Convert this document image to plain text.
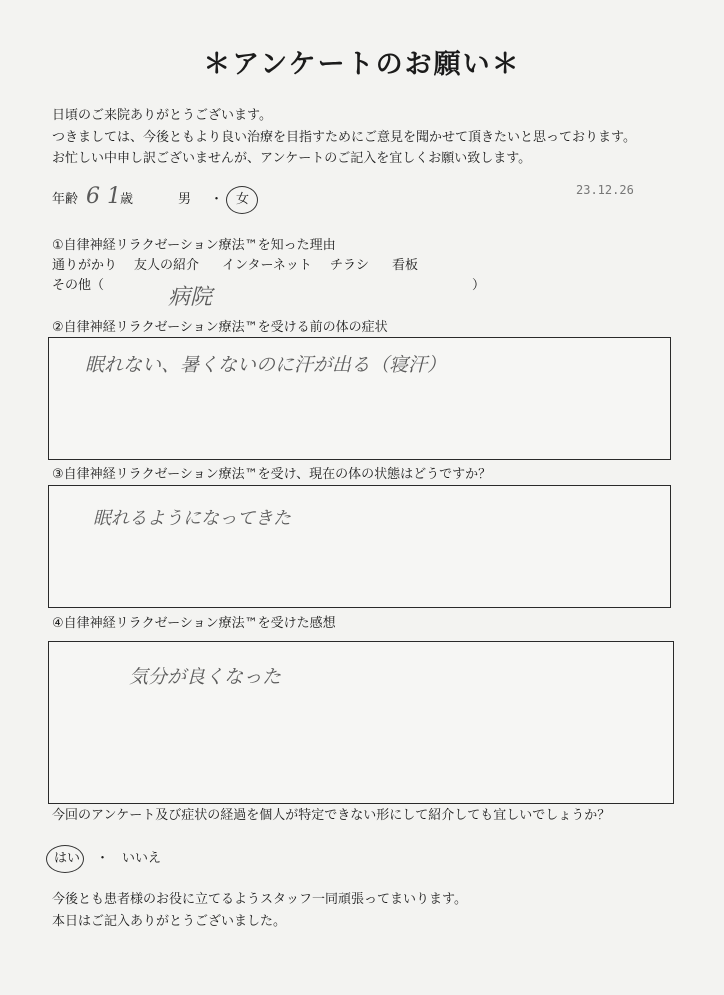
＊アンケートのお願い＊
日頃のご来院ありがとうございます。
つきましては、今後ともより良い治療を目指すためにご意見を聞かせて頂きたいと思っております。
お忙しい中申し訳ございませんが、アンケートのご記入を宜しくお願い致します。
23.12.26
年齢 6 1 歳	男 ・ 女
①自律神経リラクゼーション療法™を知った理由
通りがかり 友人の紹介 インターネット チラシ 看板
その他（	病院	）
②自律神経リラクゼーション療法™を受ける前の体の症状
眠れない、暑くないのに汗が出る（寝汗）
③自律神経リラクゼーション療法™を受け、現在の体の状態はどうですか？
眠れるようになってきた
④自律神経リラクゼーション療法™を受けた感想
気分が良くなった
今回のアンケート及び症状の経過を個人が特定できない形にして紹介しても宜しいでしょうか？
はい ・ いいえ
今後とも患者様のお役に立てるようスタッフ一同頑張ってまいります。
本日はご記入ありがとうございました。
